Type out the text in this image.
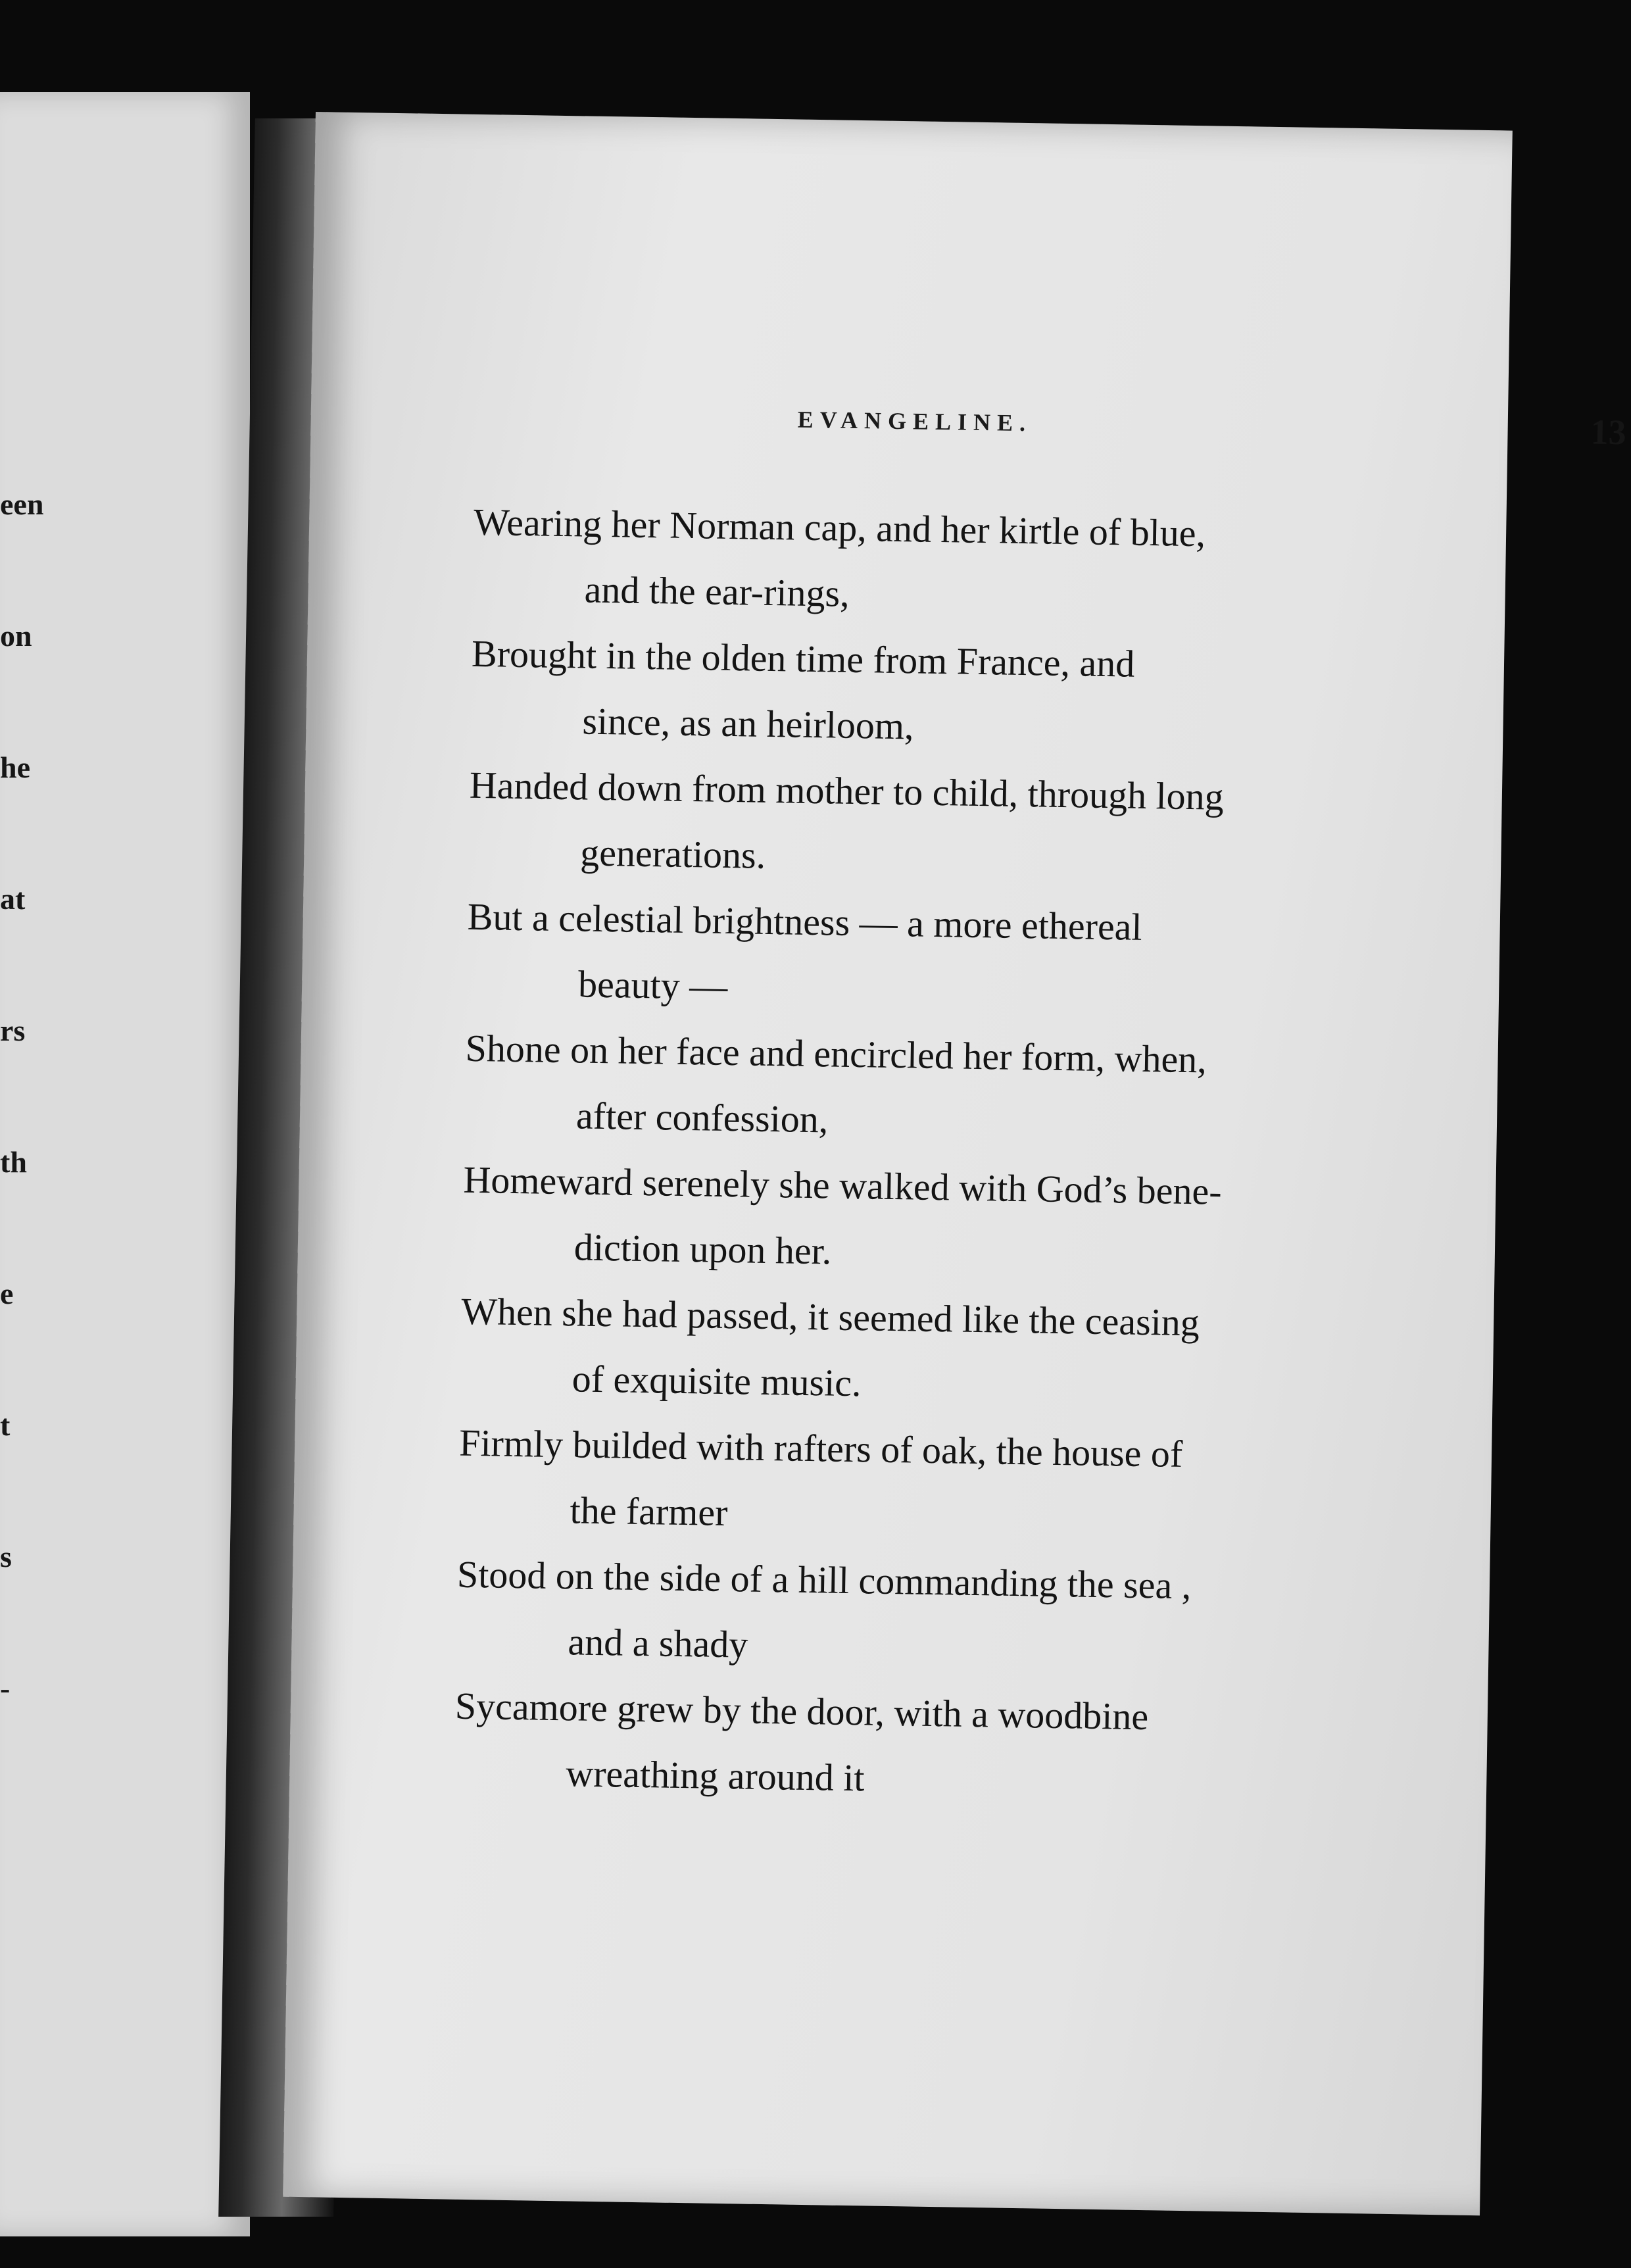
een
on
he
at
rs
th
e
t
s
-
EVANGELINE.	13

Wearing her Norman cap, and her kirtle of blue,
and the ear-rings,

Brought in the olden time from France, and
since, as an heirloom,

Handed down from mother to child, through long
generations.

But a celestial brightness — a more ethereal
beauty —

Shone on her face and encircled her form, when,
after confession,

Homeward serenely she walked with God’s bene-
diction upon her.

When she had passed, it seemed like the ceasing
of exquisite music.

Firmly builded with rafters of oak, the house of
the farmer

Stood on the side of a hill commanding the sea ,
and a shady

Sycamore grew by the door, with a woodbine
wreathing around it
